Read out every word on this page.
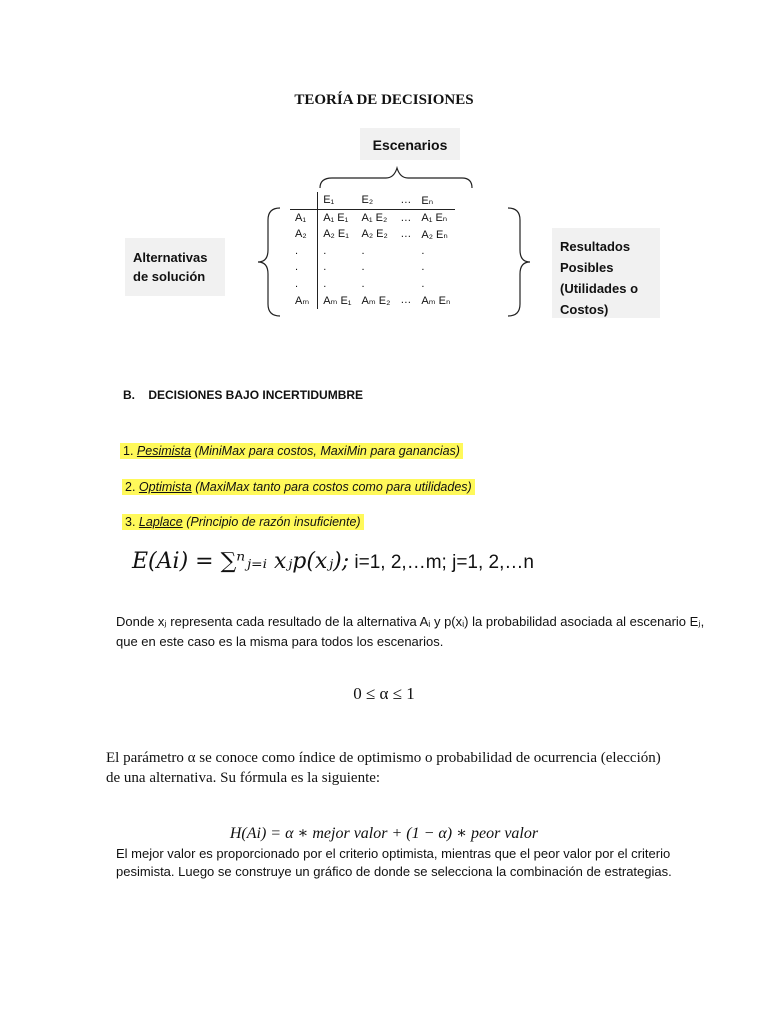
TEORÍA DE DECISIONES
Escenarios
	E₁	E₂	…	Eₙ
A₁	A₁ E₁	A₁ E₂	…	A₁ Eₙ
A₂	A₂ E₁	A₂ E₂	…	A₂ Eₙ
.	.	.		.
.	.	.		.
.	.	.		.
Aₘ	Aₘ E₁	Aₘ E₂	…	Aₘ Eₙ
Alternativas
de solución
Resultados
Posibles
(Utilidades o
Costos)
B.    DECISIONES BAJO INCERTIDUMBRE
1. Pesimista (MiniMax para costos, MaxiMin para ganancias)
2. Optimista (MaxiMax tanto para costos como para utilidades)
3. Laplace (Principio de razón insuficiente)
E(Ai) = ∑ⁿⱼ₌ᵢ xⱼp(xⱼ); i=1, 2,…m; j=1, 2,…n
Donde xⱼ representa cada resultado de la alternativa Aᵢ y p(xᵢ) la probabilidad asociada al escenario Eⱼ, que en este caso es la misma para todos los escenarios.
0 ≤ α ≤ 1
El parámetro α se conoce como índice de optimismo o probabilidad de ocurrencia (elección) de una alternativa. Su fórmula es la siguiente:
H(Ai) = α ∗ mejor valor + (1 − α) ∗ peor valor
El mejor valor es proporcionado por el criterio optimista, mientras que el peor valor por el criterio pesimista. Luego se construye un gráfico de donde se selecciona la combinación de estrategias.
